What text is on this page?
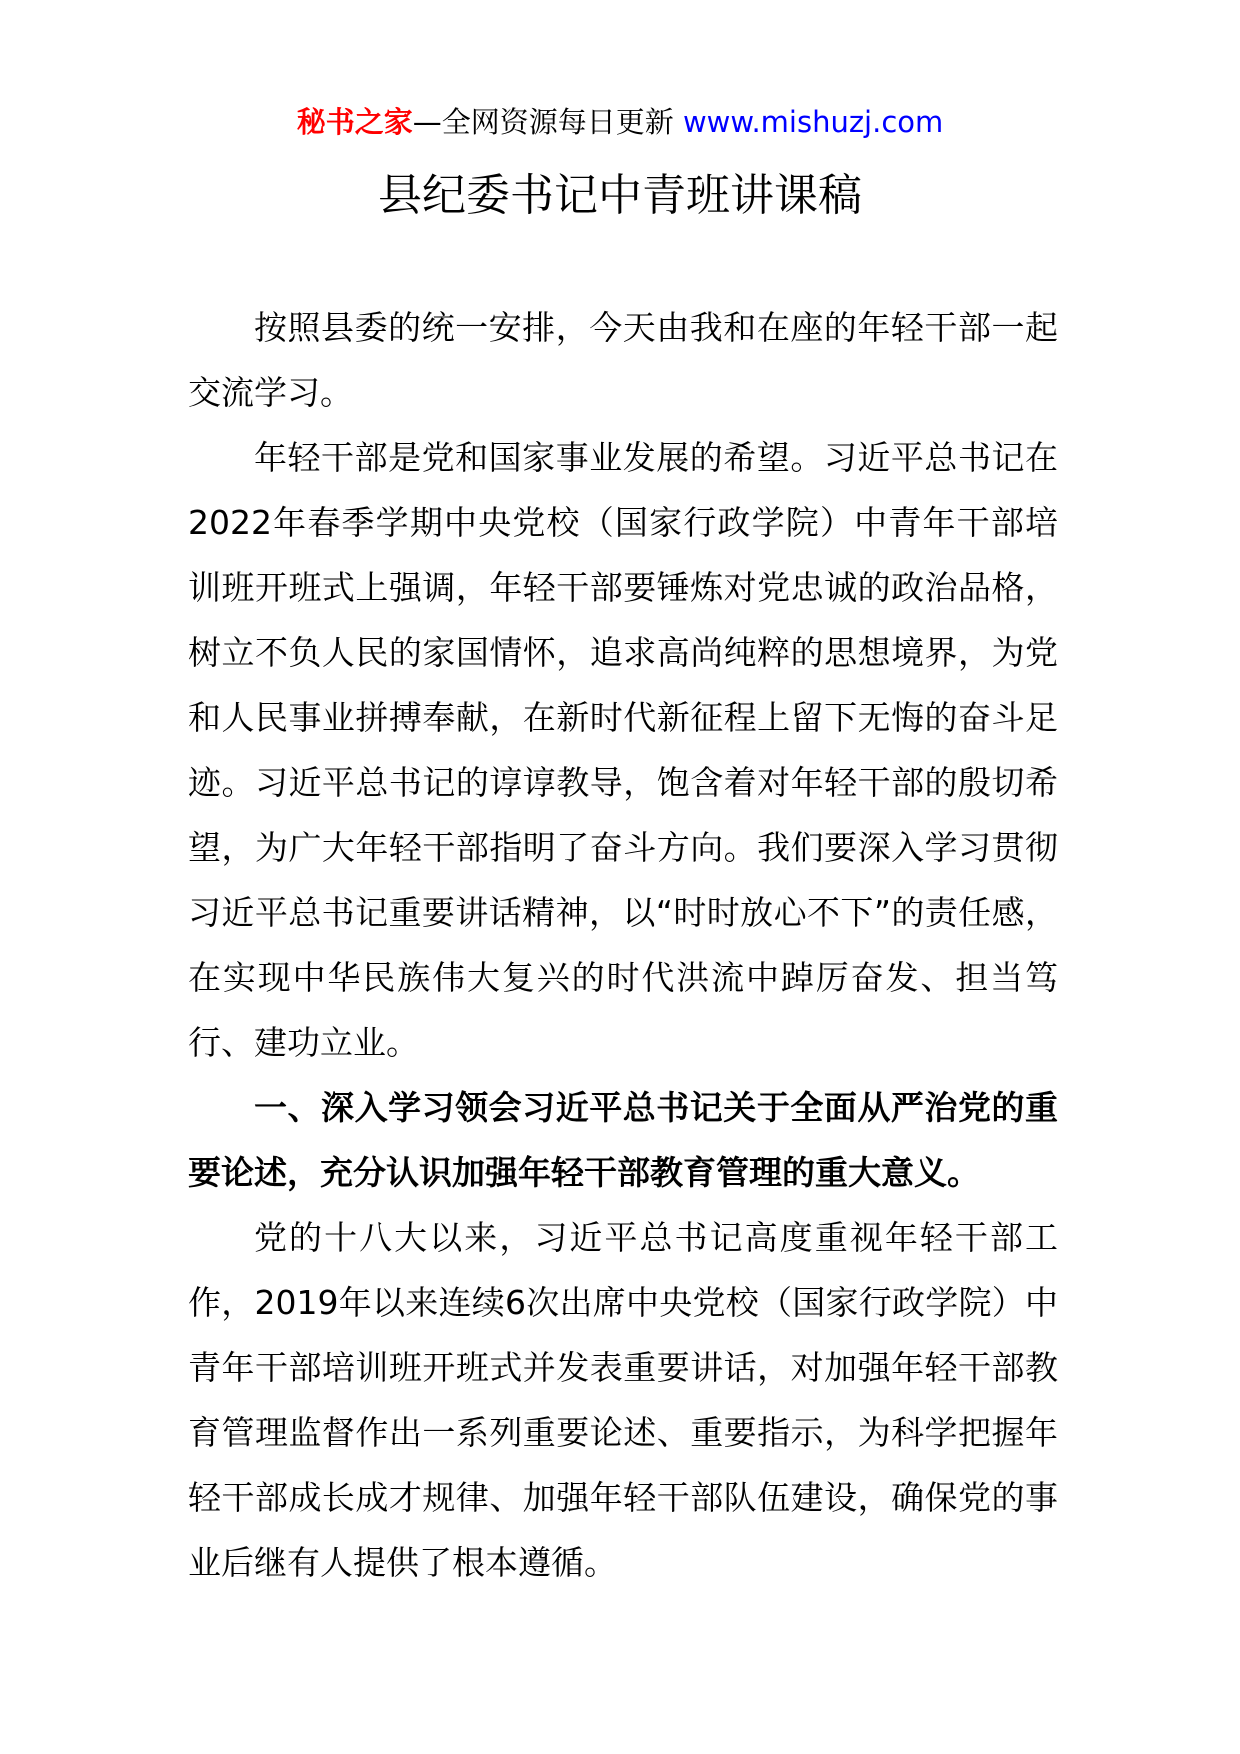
秘书之家—全网资源每日更新 www.mishuzj.com
县纪委书记中青班讲课稿

按照县委的统一安排，今天由我和在座的年轻干部一起交流学习。

年轻干部是党和国家事业发展的希望。习近平总书记在2022年春季学期中央党校（国家行政学院）中青年干部培训班开班式上强调，年轻干部要锤炼对党忠诚的政治品格，树立不负人民的家国情怀，追求高尚纯粹的思想境界，为党和人民事业拼搏奉献，在新时代新征程上留下无悔的奋斗足迹。习近平总书记的谆谆教导，饱含着对年轻干部的殷切希望，为广大年轻干部指明了奋斗方向。我们要深入学习贯彻习近平总书记重要讲话精神，以“时时放心不下”的责任感，在实现中华民族伟大复兴的时代洪流中踔厉奋发、担当笃行、建功立业。

一、深入学习领会习近平总书记关于全面从严治党的重要论述，充分认识加强年轻干部教育管理的重大意义。

党的十八大以来，习近平总书记高度重视年轻干部工作，2019年以来连续6次出席中央党校（国家行政学院）中青年干部培训班开班式并发表重要讲话，对加强年轻干部教育管理监督作出一系列重要论述、重要指示，为科学把握年轻干部成长成才规律、加强年轻干部队伍建设，确保党的事业后继有人提供了根本遵循。
